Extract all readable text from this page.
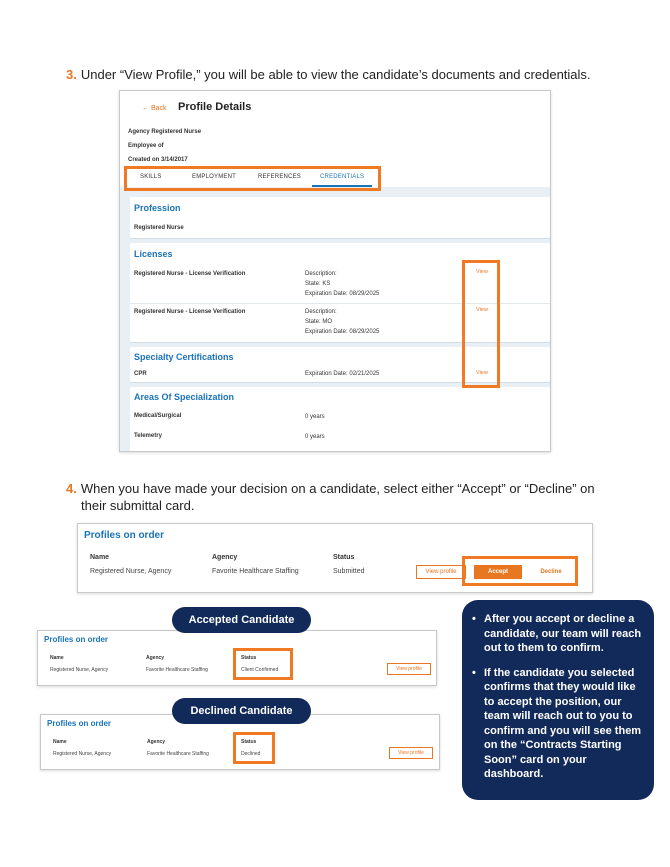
3. Under “View Profile,” you will be able to view the candidate’s documents and credentials.
← Back Profile Details
Agency Registered Nurse
Employee of
Created on 3/14/2017
Profession
Registered Nurse
Licenses
Registered Nurse - License Verification	Description:
State: KS
Expiration Date: 08/29/2025
View
Registered Nurse - License Verification	Description:
State: MO
Expiration Date: 08/29/2025
View
Specialty Certifications
CPR	Expiration Date: 02/21/2025	View
Areas Of Specialization
Medical/Surgical	0 years
Telemetry	0 years
SKILLS	EMPLOYMENT	REFERENCES	CREDENTIALS
4. When you have made your decision on a candidate, select either “Accept” or “Decline” on
their submittal card.
Profiles on order
Name	Agency	Status
Registered Nurse, Agency	Favorite Healthcare Staffing	Submitted	View profile	Accept	Decline
Profiles on order
Name	Agency	Status
Registered Nurse, Agency	Favorite Healthcare Staffing	Client Confirmed	View profile
Accepted Candidate
Profiles on order
Name	Agency	Status
Registered Nurse, Agency	Favorite Healthcare Staffing	Declined	View profile
Declined Candidate
• After you accept or decline a candidate, our team will reach out to them to confirm.
• If the candidate you selected confirms that they would like to accept the position, our team will reach out to you to confirm and you will see them on the “Contracts Starting Soon” card on your dashboard.
